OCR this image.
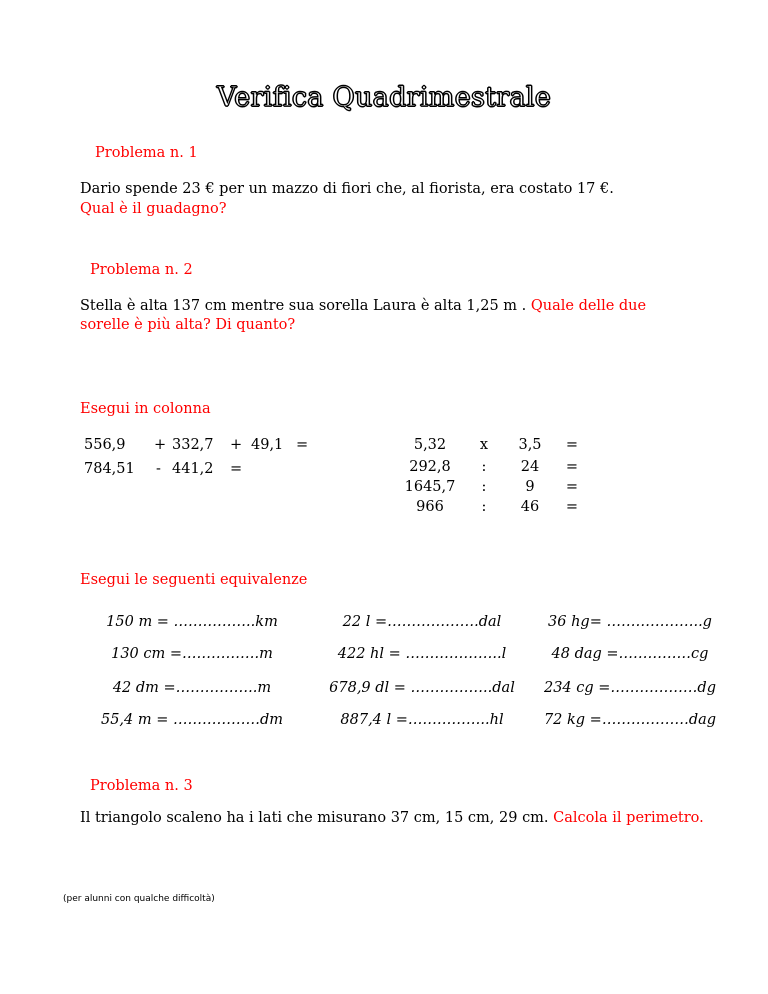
Verifica Quadrimestrale
Problema n. 1
Dario spende 23 € per un mazzo di fiori che, al fiorista, era costato 17 €.
Qual è il guadagno?
Problema n. 2
Stella è alta 137 cm mentre sua sorella Laura è alta 1,25 m . Quale delle due
sorelle è più alta? Di quanto?
Esegui in colonna
556,9 + 332,7 + 49,1 =
784,51 - 441,2 =
5,32	x	3,5	=
292,8	:	24	=
1645,7	:	9	=
966	:	46	=
Esegui le seguenti equivalenze
150 m = ……………..km	22 l =……………….dal	36 hg= ………………..g
130 cm =…………….m	422 hl = ………………..l	48 dag =……………cg
42 dm =……………..m	678,9 dl = ……………..dal	234 cg =………………dg
55,4 m = ………………dm	887,4 l =……………..hl	72 kg =………………dag
Problema n. 3
Il triangolo scaleno ha i lati che misurano 37 cm, 15 cm, 29 cm. Calcola il perimetro.
(per alunni con qualche difficoltà)
